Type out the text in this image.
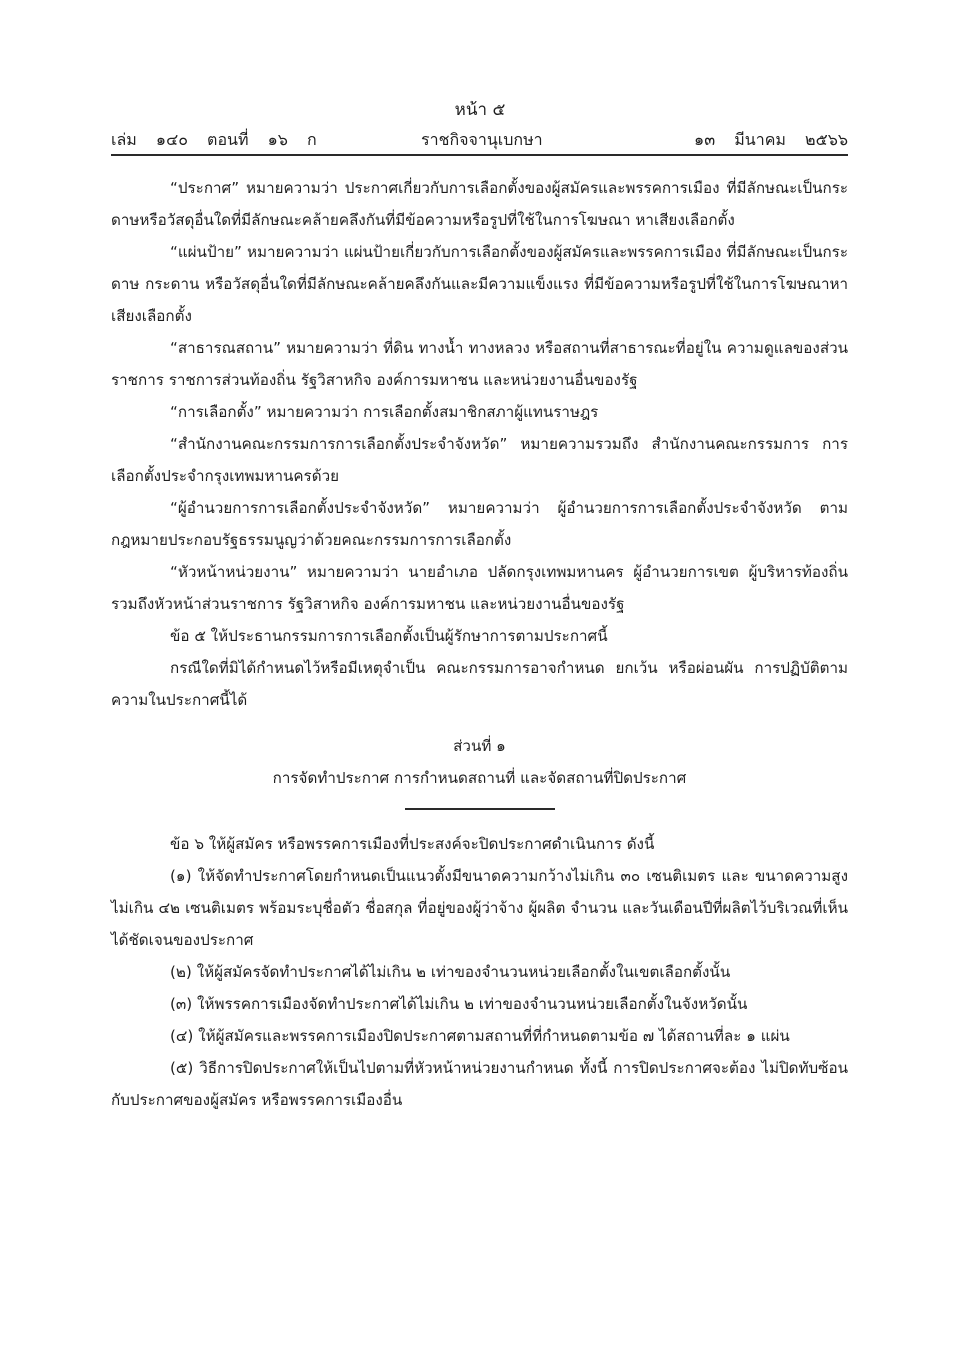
หน้า ๕
เล่ม ๑๔๐ ตอนที่ ๑๖ ก	ราชกิจจานุเบกษา	๑๓ มีนาคม ๒๕๖๖

“ประกาศ” หมายความว่า ประกาศเกี่ยวกับการเลือกตั้งของผู้สมัครและพรรคการเมือง ที่มีลักษณะเป็นกระดาษหรือวัสดุอื่นใดที่มีลักษณะคล้ายคลึงกันที่มีข้อความหรือรูปที่ใช้ในการโฆษณา หาเสียงเลือกตั้ง

“แผ่นป้าย” หมายความว่า แผ่นป้ายเกี่ยวกับการเลือกตั้งของผู้สมัครและพรรคการเมือง ที่มีลักษณะเป็นกระดาษ กระดาน หรือวัสดุอื่นใดที่มีลักษณะคล้ายคลึงกันและมีความแข็งแรง ที่มีข้อความหรือรูปที่ใช้ในการโฆษณาหาเสียงเลือกตั้ง

“สาธารณสถาน” หมายความว่า ที่ดิน ทางน้ำ ทางหลวง หรือสถานที่สาธารณะที่อยู่ใน ความดูแลของส่วนราชการ ราชการส่วนท้องถิ่น รัฐวิสาหกิจ องค์การมหาชน และหน่วยงานอื่นของรัฐ

“การเลือกตั้ง” หมายความว่า การเลือกตั้งสมาชิกสภาผู้แทนราษฎร

“สำนักงานคณะกรรมการการเลือกตั้งประจำจังหวัด” หมายความรวมถึง สำนักงานคณะกรรมการ การเลือกตั้งประจำกรุงเทพมหานครด้วย

“ผู้อำนวยการการเลือกตั้งประจำจังหวัด” หมายความว่า ผู้อำนวยการการเลือกตั้งประจำจังหวัด ตามกฎหมายประกอบรัฐธรรมนูญว่าด้วยคณะกรรมการการเลือกตั้ง

“หัวหน้าหน่วยงาน” หมายความว่า นายอำเภอ ปลัดกรุงเทพมหานคร ผู้อำนวยการเขต ผู้บริหารท้องถิ่น รวมถึงหัวหน้าส่วนราชการ รัฐวิสาหกิจ องค์การมหาชน และหน่วยงานอื่นของรัฐ

ข้อ ๕ ให้ประธานกรรมการการเลือกตั้งเป็นผู้รักษาการตามประกาศนี้

กรณีใดที่มิได้กำหนดไว้หรือมีเหตุจำเป็น คณะกรรมการอาจกำหนด ยกเว้น หรือผ่อนผัน การปฏิบัติตามความในประกาศนี้ได้

ส่วนที่ ๑
การจัดทำประกาศ การกำหนดสถานที่ และจัดสถานที่ปิดประกาศ

ข้อ ๖ ให้ผู้สมัคร หรือพรรคการเมืองที่ประสงค์จะปิดประกาศดำเนินการ ดังนี้

(๑) ให้จัดทำประกาศโดยกำหนดเป็นแนวตั้งมีขนาดความกว้างไม่เกิน ๓๐ เซนติเมตร และ ขนาดความสูงไม่เกิน ๔๒ เซนติเมตร พร้อมระบุชื่อตัว ชื่อสกุล ที่อยู่ของผู้ว่าจ้าง ผู้ผลิต จำนวน และวันเดือนปีที่ผลิตไว้บริเวณที่เห็นได้ชัดเจนของประกาศ

(๒) ให้ผู้สมัครจัดทำประกาศได้ไม่เกิน ๒ เท่าของจำนวนหน่วยเลือกตั้งในเขตเลือกตั้งนั้น

(๓) ให้พรรคการเมืองจัดทำประกาศได้ไม่เกิน ๒ เท่าของจำนวนหน่วยเลือกตั้งในจังหวัดนั้น

(๔) ให้ผู้สมัครและพรรคการเมืองปิดประกาศตามสถานที่ที่กำหนดตามข้อ ๗ ได้สถานที่ละ ๑ แผ่น

(๕) วิธีการปิดประกาศให้เป็นไปตามที่หัวหน้าหน่วยงานกำหนด ทั้งนี้ การปิดประกาศจะต้อง ไม่ปิดทับซ้อนกับประกาศของผู้สมัคร หรือพรรคการเมืองอื่น
